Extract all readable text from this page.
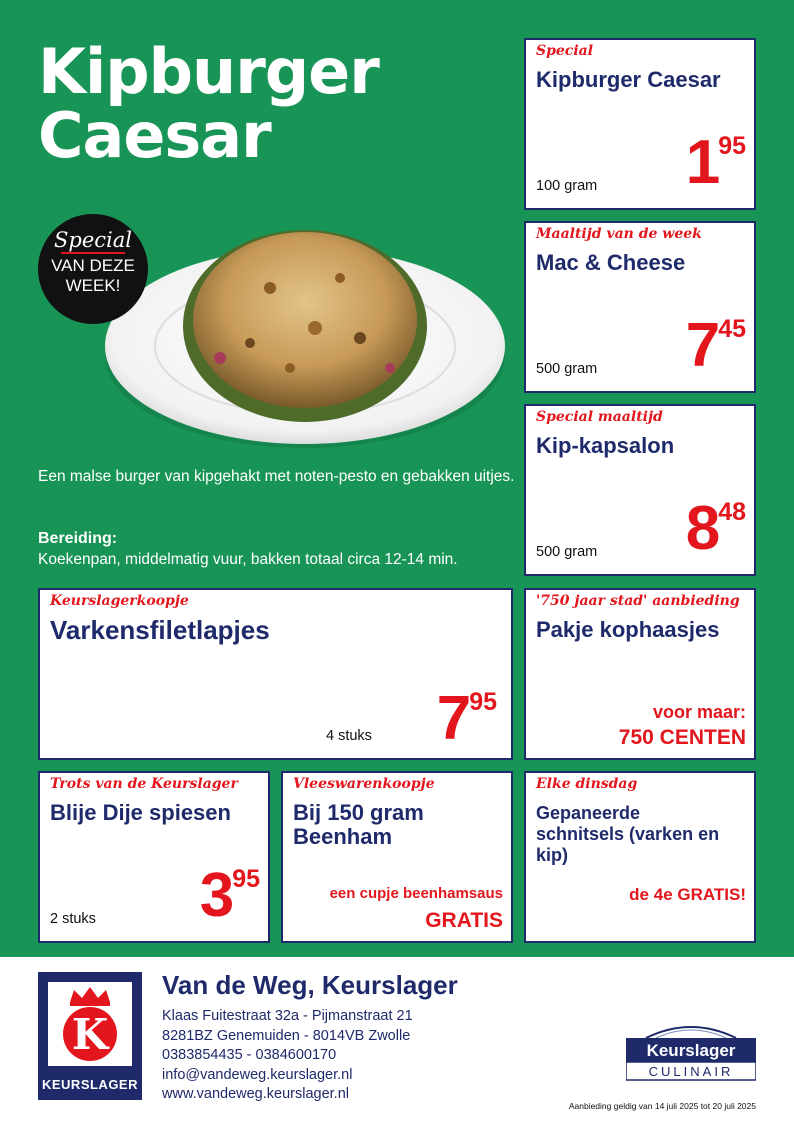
Kipburger
Caesar
Special
VAN DEZE
WEEK!

Een malse burger van kipgehakt met noten-pesto en gebakken uitjes.

Bereiding:
Koekenpan, middelmatig vuur, bakken totaal circa 12-14 min.
Special
Kipburger Caesar
100 gram 195
Maaltijd van de week
Mac & Cheese
500 gram 745
Special maaltijd
Kip-kapsalon
500 gram 848
Keurslagerkoopje
Varkensfiletlapjes
4 stuks 795
'750 jaar stad' aanbieding
Pakje kophaasjes
voor maar:
750 CENTEN
Trots van de Keurslager
Blije Dije spiesen
2 stuks 395
Vleeswarenkoopje
Bij 150 gram
Beenham
een cupje beenhamsaus
GRATIS
Elke dinsdag
Gepaneerde
schnitsels (varken en
kip)
de 4e GRATIS!
K
KEURSLAGER
Van de Weg, Keurslager
Klaas Fuitestraat 32a - Pijmanstraat 21
8281BZ Genemuiden - 8014VB Zwolle
0383854435 - 0384600170
info@vandeweg.keurslager.nl
www.vandeweg.keurslager.nl
Keurslager
CULINAIR
Aanbieding geldig van 14 juli 2025 tot 20 juli 2025
